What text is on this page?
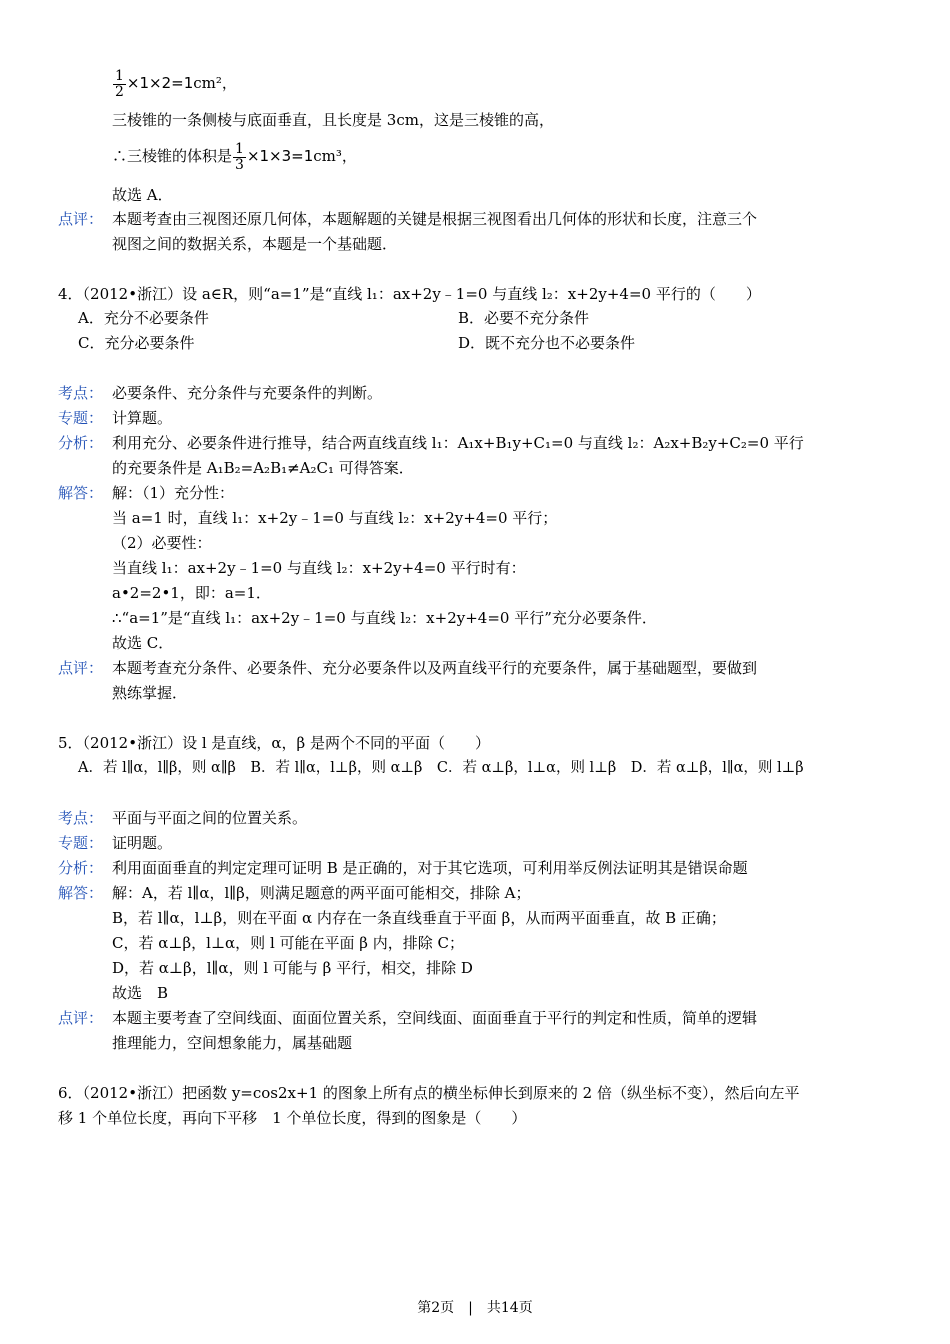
$\frac{1}{2} \times 1\times 2=1cm^2$，
三棱锥的一条侧棱与底面垂直，且长度是 3cm，这是三棱锥的高，
∴三棱锥的体积是 $\frac{1}{3} \times 1\times 3=1cm^3$，
故选 A．
点评： 本题考查由三视图还原几何体，本题解题的关键是根据三视图看出几何体的形状和长度，注意三个
视图之间的数据关系，本题是一个基础题．
4．（2012•浙江）设 a∈R，则“a=1”是“直线 l₁：ax+2y﹣1=0 与直线 l₂：x+2y+4=0 平行的（　　）
A．充分不必要条件	B．必要不充分条件
C．充分必要条件	D．既不充分也不必要条件
考点： 必要条件、充分条件与充要条件的判断。
专题： 计算题。
分析： 利用充分、必要条件进行推导，结合两直线直线 l₁：A₁x+B₁y+C₁=0 与直线 l₂：A₂x+B₂y+C₂=0 平行
的充要条件是 A₁B₂=A₂B₁≠A₂C₁ 可得答案．
解答： 解：（1）充分性：
当 a=1 时，直线 l₁：x+2y﹣1=0 与直线 l₂：x+2y+4=0 平行；
（2）必要性：
当直线 l₁：ax+2y﹣1=0 与直线 l₂：x+2y+4=0 平行时有：
a•2=2•1，即：a=1．
∴“a=1”是“直线 l₁：ax+2y﹣1=0 与直线 l₂：x+2y+4=0 平行”充分必要条件．
故选 C．
点评： 本题考查充分条件、必要条件、充分必要条件以及两直线平行的充要条件，属于基础题型，要做到
熟练掌握．
5．（2012•浙江）设 l 是直线，α，β 是两个不同的平面（　　）
A．若 l∥α，l∥β，则 α∥β　B．若 l∥α，l⊥β，则 α⊥β　C．若 α⊥β，l⊥α，则 l⊥β　D．若 α⊥β，l∥α，则 l⊥β
考点： 平面与平面之间的位置关系。
专题： 证明题。
分析： 利用面面垂直的判定定理可证明 B 是正确的，对于其它选项，可利用举反例法证明其是错误命题
解答： 解：A，若 l∥α，l∥β，则满足题意的两平面可能相交，排除 A；
B，若 l∥α，l⊥β，则在平面 α 内存在一条直线垂直于平面 β，从而两平面垂直，故 B 正确；
C，若 α⊥β，l⊥α，则 l 可能在平面 β 内，排除 C；
D，若 α⊥β，l∥α，则 l 可能与 β 平行，相交，排除 D
故选　B
点评： 本题主要考查了空间线面、面面位置关系，空间线面、面面垂直于平行的判定和性质，简单的逻辑
推理能力，空间想象能力，属基础题
6．（2012•浙江）把函数 y=cos2x+1 的图象上所有点的横坐标伸长到原来的 2 倍（纵坐标不变），然后向左平
移 1 个单位长度，再向下平移　1 个单位长度，得到的图象是（　　）
第2页　|　共14页
